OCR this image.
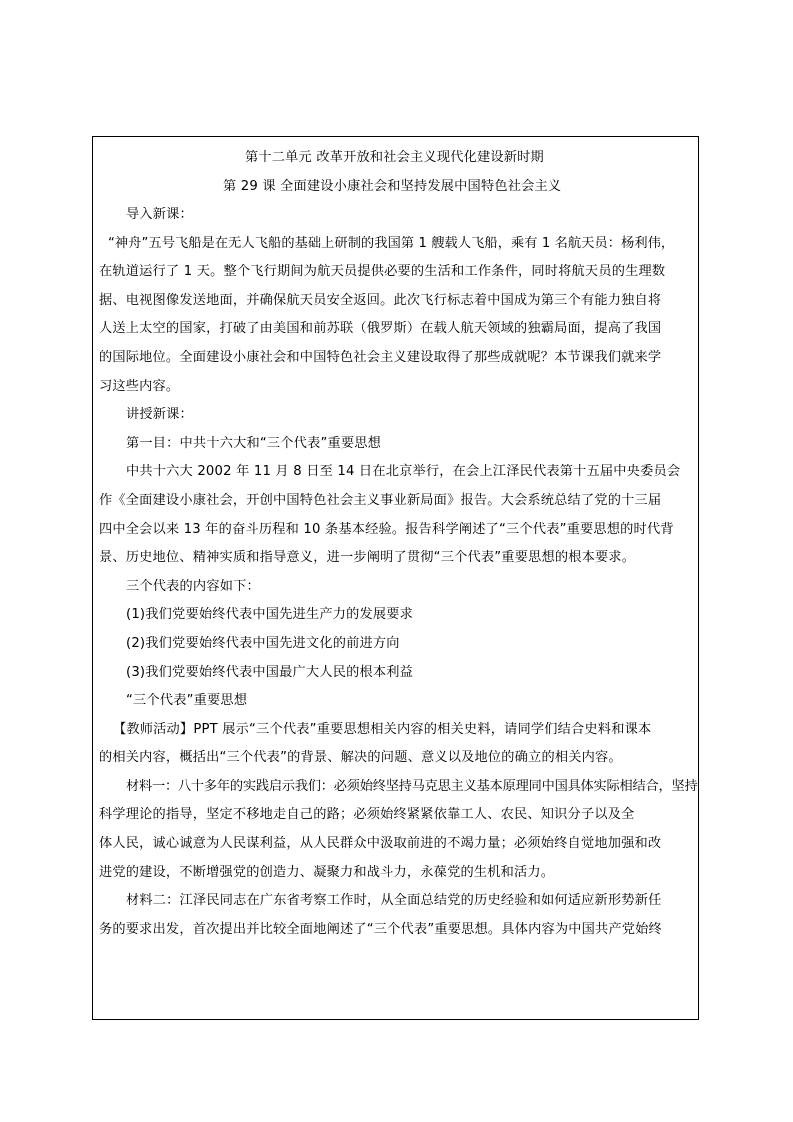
第十二单元 改革开放和社会主义现代化建设新时期
第 29 课 全面建设小康社会和坚持发展中国特色社会主义
导入新课：
“神舟”五号飞船是在无人飞船的基础上研制的我国第 1 艘载人飞船，乘有 1 名航天员：杨利伟，
在轨道运行了 1 天。整个飞行期间为航天员提供必要的生活和工作条件，同时将航天员的生理数
据、电视图像发送地面，并确保航天员安全返回。此次飞行标志着中国成为第三个有能力独自将
人送上太空的国家，打破了由美国和前苏联（俄罗斯）在载人航天领域的独霸局面，提高了我国
的国际地位。全面建设小康社会和中国特色社会主义建设取得了那些成就呢？本节课我们就来学
习这些内容。
讲授新课：
第一目：中共十六大和“三个代表”重要思想
中共十六大 2002 年 11 月 8 日至 14 日在北京举行，在会上江泽民代表第十五届中央委员会
作《全面建设小康社会，开创中国特色社会主义事业新局面》报告。大会系统总结了党的十三届
四中全会以来 13 年的奋斗历程和 10 条基本经验。报告科学阐述了“三个代表”重要思想的时代背
景、历史地位、精神实质和指导意义，进一步阐明了贯彻“三个代表”重要思想的根本要求。
三个代表的内容如下：
(1)我们党要始终代表中国先进生产力的发展要求
(2)我们党要始终代表中国先进文化的前进方向
(3)我们党要始终代表中国最广大人民的根本利益
“三个代表”重要思想
【教师活动】PPT 展示“三个代表”重要思想相关内容的相关史料，请同学们结合史料和课本
的相关内容，概括出“三个代表”的背景、解决的问题、意义以及地位的确立的相关内容。
材料一：八十多年的实践启示我们：必须始终坚持马克思主义基本原理同中国具体实际相结合，坚持
科学理论的指导，坚定不移地走自己的路；必须始终紧紧依靠工人、农民、知识分子以及全
体人民，诚心诚意为人民谋利益，从人民群众中汲取前进的不竭力量；必须始终自觉地加强和改
进党的建设，不断增强党的创造力、凝聚力和战斗力，永葆党的生机和活力。
材料二：江泽民同志在广东省考察工作时，从全面总结党的历史经验和如何适应新形势新任
务的要求出发，首次提出并比较全面地阐述了“三个代表”重要思想。具体内容为中国共产党始终
